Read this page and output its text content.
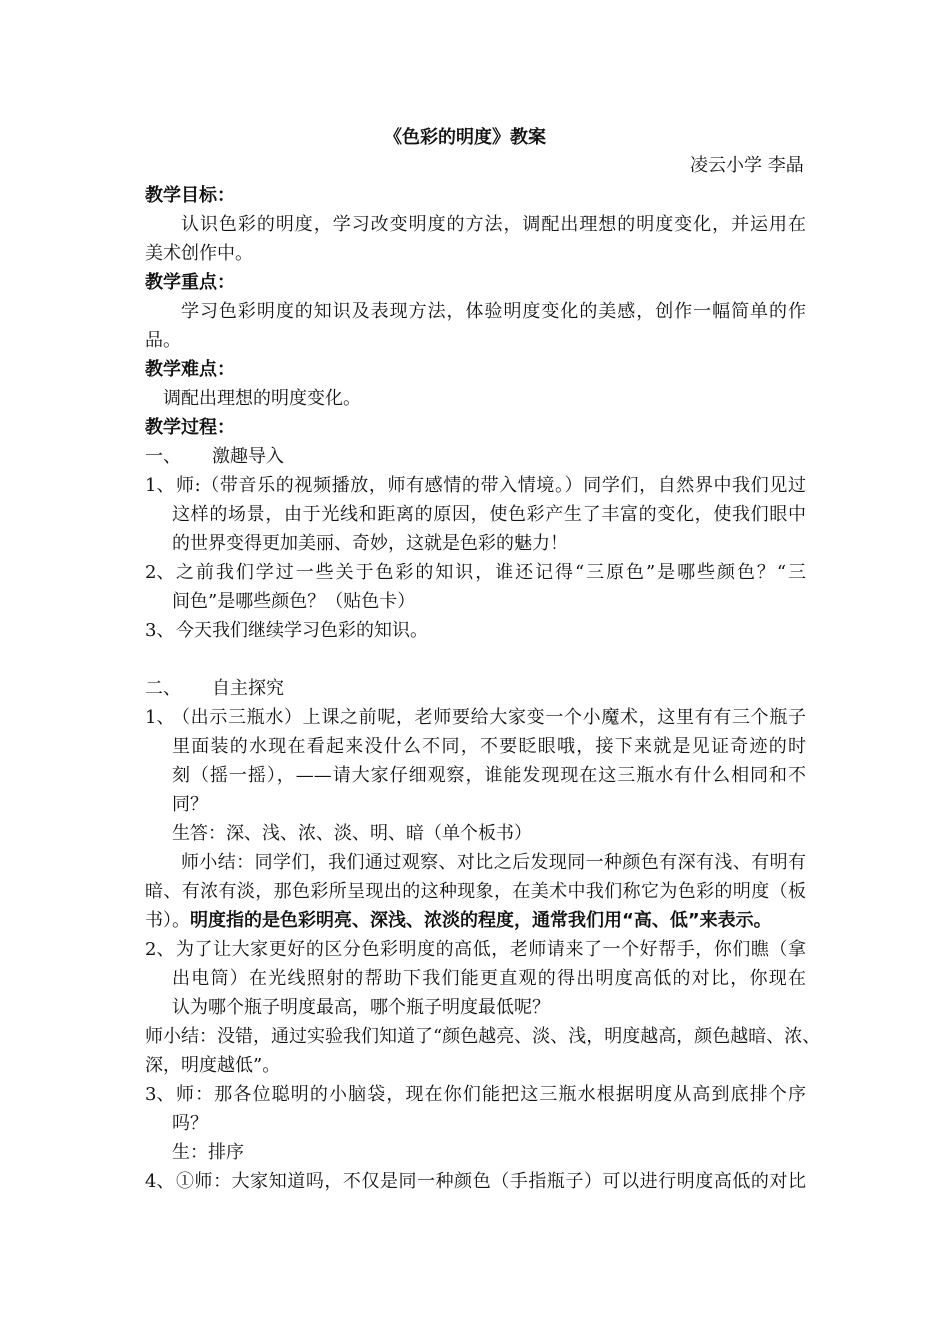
《色彩的明度》教案
凌云小学 李晶
教学目标：
认识色彩的明度，学习改变明度的方法，调配出理想的明度变化，并运用在
美术创作中。
教学重点：
学习色彩明度的知识及表现方法，体验明度变化的美感，创作一幅简单的作
品。
教学难点：
调配出理想的明度变化。
教学过程：
一、 激趣导入
1、 师:（带音乐的视频播放，师有感情的带入情境。）同学们，自然界中我们见过
这样的场景，由于光线和距离的原因，使色彩产生了丰富的变化，使我们眼中
的世界变得更加美丽、奇妙，这就是色彩的魅力！
2、 之前我们学过一些关于色彩的知识，谁还记得“三原色”是哪些颜色？“三
间色”是哪些颜色？（贴色卡）
3、 今天我们继续学习色彩的知识。
二、 自主探究
1、
（出示三瓶水）上课之前呢，老师要给大家变一个小魔术，这里有有三个瓶子
里面装的水现在看起来没什么不同，不要眨眼哦，接下来就是见证奇迹的时
刻（摇一摇），——请大家仔细观察，谁能发现现在这三瓶水有什么相同和不
同？
生答：深、浅、浓、淡、明、暗（单个板书）
师小结：同学们，我们通过观察、对比之后发现同一种颜色有深有浅、有明有
暗、有浓有淡，那色彩所呈现出的这种现象，在美术中我们称它为色彩的明度（板
书）。明度指的是色彩明亮、深浅、浓淡的程度，通常我们用“高、低”来表示。
2、 为了让大家更好的区分色彩明度的高低，老师请来了一个好帮手，你们瞧（拿
出电筒）在光线照射的帮助下我们能更直观的得出明度高低的对比，你现在
认为哪个瓶子明度最高，哪个瓶子明度最低呢？
师小结：没错，通过实验我们知道了“颜色越亮、淡、浅，明度越高，颜色越暗、浓、
深，明度越低”。
3、 师：那各位聪明的小脑袋，现在你们能把这三瓶水根据明度从高到底排个序
吗？
生：排序
4、 ①师：大家知道吗，不仅是同一种颜色（手指瓶子）可以进行明度高低的对比
